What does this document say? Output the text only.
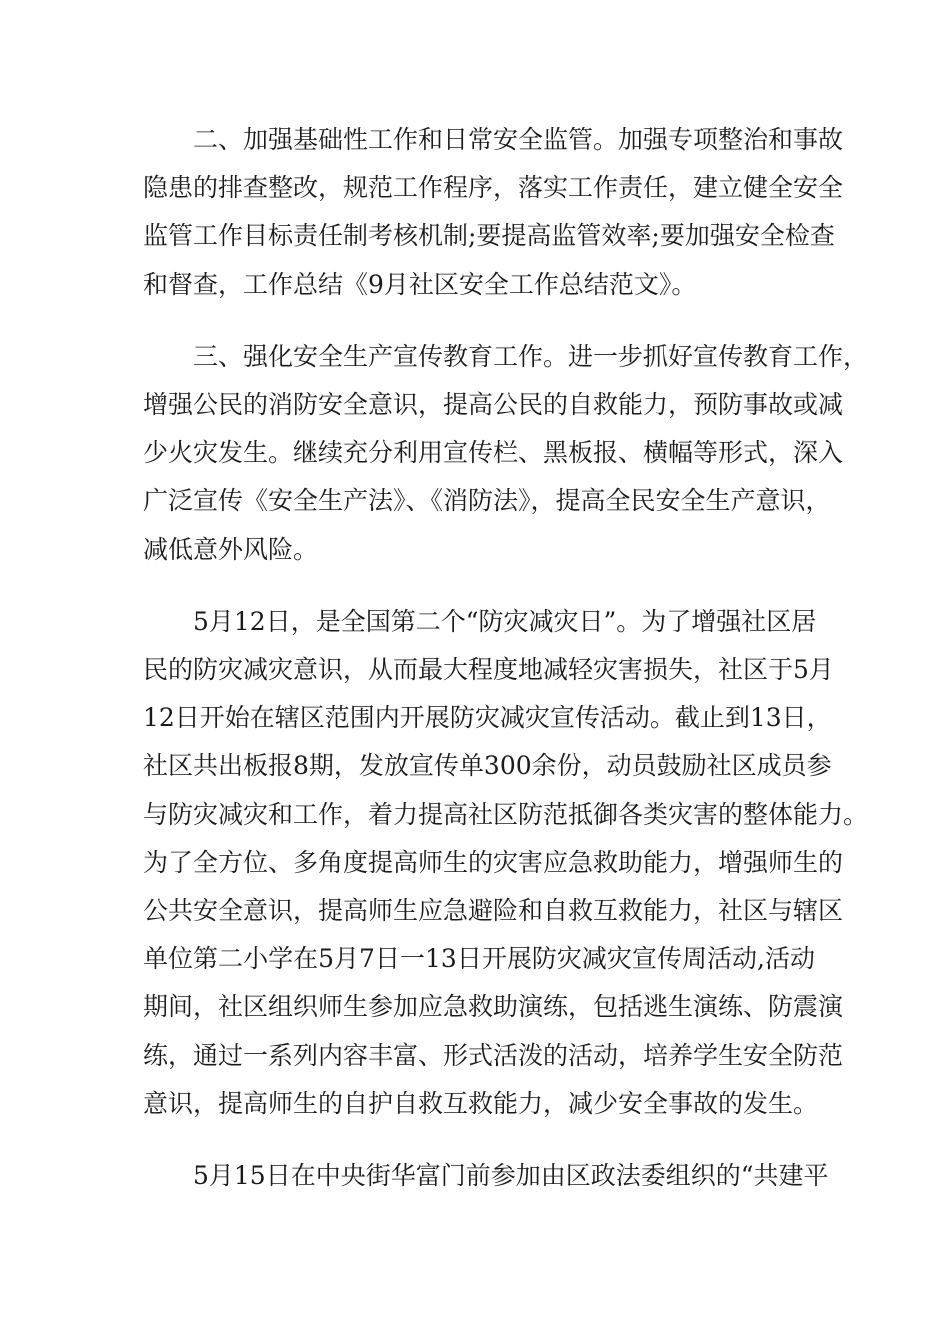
二、加强基础性工作和日常安全监管。加强专项整治和事故
隐患的排查整改，规范工作程序，落实工作责任，建立健全安全
监管工作目标责任制考核机制;要提高监管效率;要加强安全检查
和督查，工作总结《9月社区安全工作总结范文》。
三、强化安全生产宣传教育工作。进一步抓好宣传教育工作，
增强公民的消防安全意识，提高公民的自救能力，预防事故或减
少火灾发生。继续充分利用宣传栏、黑板报、横幅等形式，深入
广泛宣传《安全生产法》、《消防法》，提高全民安全生产意识，
减低意外风险。
5月12日，是全国第二个“防灾减灾日”。为了增强社区居
民的防灾减灾意识，从而最大程度地减轻灾害损失，社区于5月
12日开始在辖区范围内开展防灾减灾宣传活动。截止到13日，
社区共出板报8期，发放宣传单300余份，动员鼓励社区成员参
与防灾减灾和工作，着力提高社区防范抵御各类灾害的整体能力。
为了全方位、多角度提高师生的灾害应急救助能力，增强师生的
公共安全意识，提高师生应急避险和自救互救能力，社区与辖区
单位第二小学在5月7日一13日开展防灾减灾宣传周活动,活动
期间，社区组织师生参加应急救助演练，包括逃生演练、防震演
练，通过一系列内容丰富、形式活泼的活动，培养学生安全防范
意识，提高师生的自护自救互救能力，减少安全事故的发生。
5月15日在中央街华富门前参加由区政法委组织的“共建平
